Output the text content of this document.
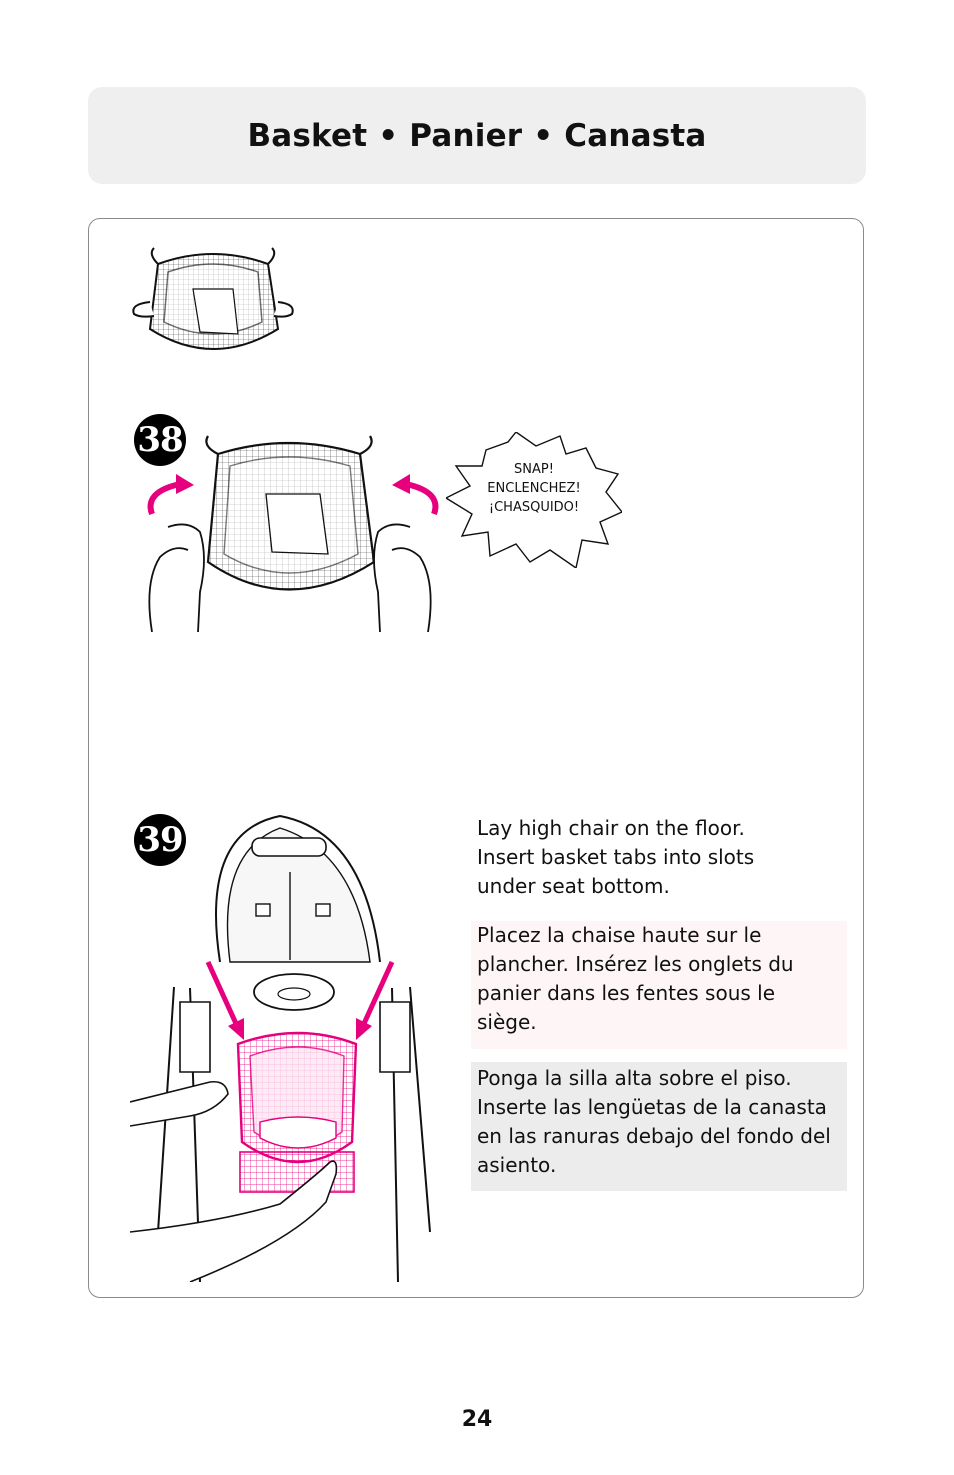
Basket • Panier • Canasta
38
SNAP!
ENCLENCHEZ!
¡CHASQUIDO!
39	Lay high chair on the floor. Insert basket tabs into slots under seat bottom.

Placez la chaise haute sur le plancher. Insérez les onglets du panier dans les fentes sous le siège.

Ponga la silla alta sobre el piso. Inserte las lengüetas de la canasta en las ranuras debajo del fondo del asiento.

24
